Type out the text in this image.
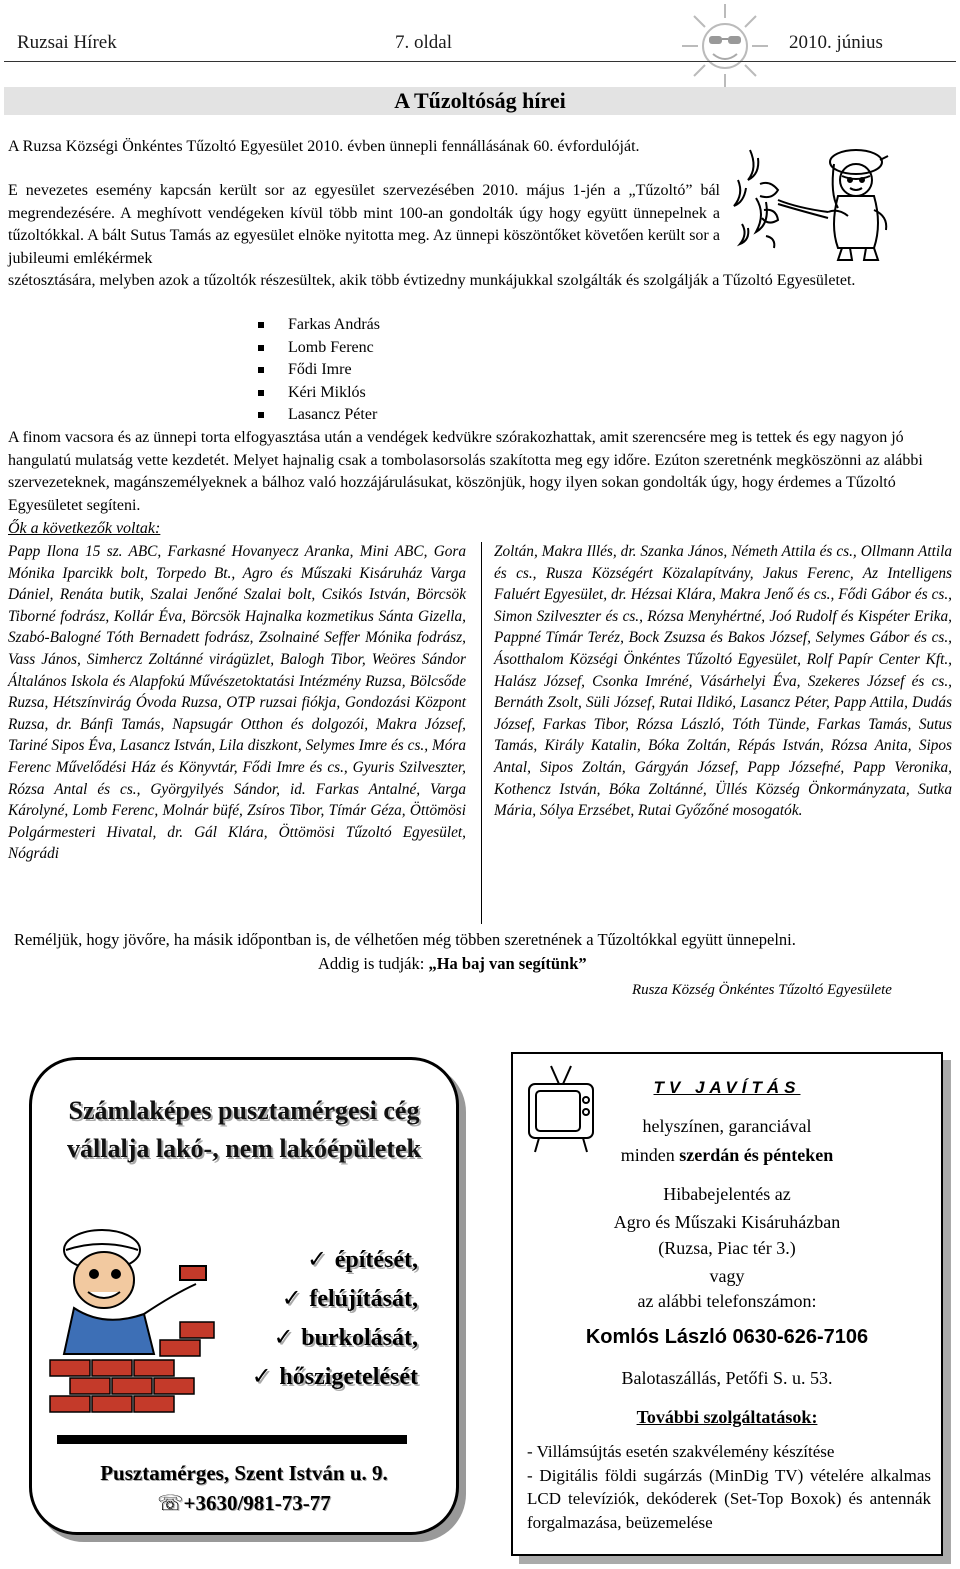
Ruzsai Hírek	7. oldal	2010. június
A Tűzoltóság hírei
A Ruzsa Községi Önkéntes Tűzoltó Egyesület 2010. évben ünnepli fennállásának 60. évfordulóját.
E nevezetes esemény kapcsán került sor az egyesület szervezésében 2010. május 1-jén a „Tűzoltó” bál megrendezésére. A meghívott vendégeken kívül több mint 100-an gondolták úgy hogy együtt ünnepelnek a tűzoltókkal. A bált Sutus Tamás az egyesület elnöke nyitotta meg. Az ünnepi köszöntőket követően került sor a jubileumi emlékérmek
szétosztására, melyben azok a tűzoltók részesültek, akik több évtizedny munkájukkal szolgálták és szolgálják a Tűzoltó Egyesületet.
Farkas András
Lomb Ferenc
Fődi Imre
Kéri Miklós
Lasancz Péter
A finom vacsora és az ünnepi torta elfogyasztása után a vendégek kedvükre szórakozhattak, amit szerencsére meg is tettek és egy nagyon jó hangulatú mulatság vette kezdetét. Melyet hajnalig csak a tombolasorsolás szakította meg egy időre. Ezúton szeretnénk megköszönni az alábbi szervezeteknek, magánszemélyeknek a bálhoz való hozzájárulásukat, köszönjük, hogy ilyen sokan gondolták úgy, hogy érdemes a Tűzoltó Egyesületet segíteni.
Ők a következők voltak:
Papp Ilona 15 sz. ABC, Farkasné Hovanyecz Aranka, Mini ABC, Gora Mónika Iparcikk bolt, Torpedo Bt., Agro és Műszaki Kisáruház Varga Dániel, Renáta butik, Szalai Jenőné Szalai bolt, Csikós István, Börcsök Tiborné fodrász, Kollár Éva, Börcsök Hajnalka kozmetikus Sánta Gizella, Szabó-Balogné Tóth Bernadett fodrász, Zsolnainé Seffer Mónika fodrász, Vass János, Simhercz Zoltánné virágüzlet, Balogh Tibor, Weöres Sándor Általános Iskola és Alapfokú Művészetoktatási Intézmény Ruzsa, Bölcsőde Ruzsa, Hétszínvirág Óvoda Ruzsa, OTP ruzsai fiókja, Gondozási Központ Ruzsa, dr. Bánfi Tamás, Napsugár Otthon és dolgozói, Makra József, Tariné Sipos Éva, Lasancz István, Lila diszkont, Selymes Imre és cs., Móra Ferenc Művelődési Ház és Könyvtár, Fődi Imre és cs., Gyuris Szilveszter, Rózsa Antal és cs., Györgyilyés Sándor, id. Farkas Antalné, Varga Károlyné, Lomb Ferenc, Molnár büfé, Zsíros Tibor, Tímár Géza, Öttömösi Polgármesteri Hivatal, dr. Gál Klára, Öttömösi Tűzoltó Egyesület, Nógrádi
Zoltán, Makra Illés, dr. Szanka János, Németh Attila és cs., Ollmann Attila és cs., Rusza Községért Közalapítvány, Jakus Ferenc, Az Intelligens Faluért Egyesület, dr. Hézsai Klára, Makra Jenő és cs., Fődi Gábor és cs., Simon Szilveszter és cs., Rózsa Menyhértné, Joó Rudolf és Kispéter Erika, Pappné Tímár Teréz, Bock Zsuzsa és Bakos József, Selymes Gábor és cs., Ásotthalom Községi Önkéntes Tűzoltó Egyesület, Rolf Papír Center Kft., Halász József, Csonka Imréné, Vásárhelyi Éva, Szekeres József és cs., Bernáth Zsolt, Süli József, Rutai Ildikó, Lasancz Péter, Papp Attila, Dudás József, Farkas Tibor, Rózsa László, Tóth Tünde, Farkas Tamás, Sutus Tamás, Király Katalin, Bóka Zoltán, Répás István, Rózsa Anita, Sipos Antal, Sipos Zoltán, Gárgyán József, Papp Józsefné, Papp Veronika, Kothencz István, Bóka Zoltánné, Üllés Község Önkormányzata, Sutka Mária, Sólya Erzsébet, Rutai Győzőné mosogatók.
Reméljük, hogy jövőre, ha másik időpontban is, de vélhetően még többen szeretnének a Tűzoltókkal együtt ünnepelni.
Addig is tudják: „Ha baj van segítünk”
Rusza Község Önkéntes Tűzoltó Egyesülete
Számlaképes pusztamérgesi cég vállalja lakó-, nem lakóépületek
✓ építését,
✓ felújítását,
✓ burkolását,
✓ hőszigetelését
Pusztamérges, Szent István u. 9.
☏+3630/981-73-77
TV JAVÍTÁS
helyszínen, garanciával
minden szerdán és pénteken
Hibabejelentés az
Agro és Műszaki Kisáruházban
(Ruzsa, Piac tér 3.)
vagy
az alábbi telefonszámon:
Komlós László 0630-626-7106
Balotaszállás, Petőfi S. u. 53.
További szolgáltatások:
- Villámsújtás esetén szakvélemény készítése
- Digitális földi sugárzás (MinDig TV) vételére alkalmas LCD televíziók, dekóderek (Set-Top Boxok) és antennák forgalmazása, beüzemelése
